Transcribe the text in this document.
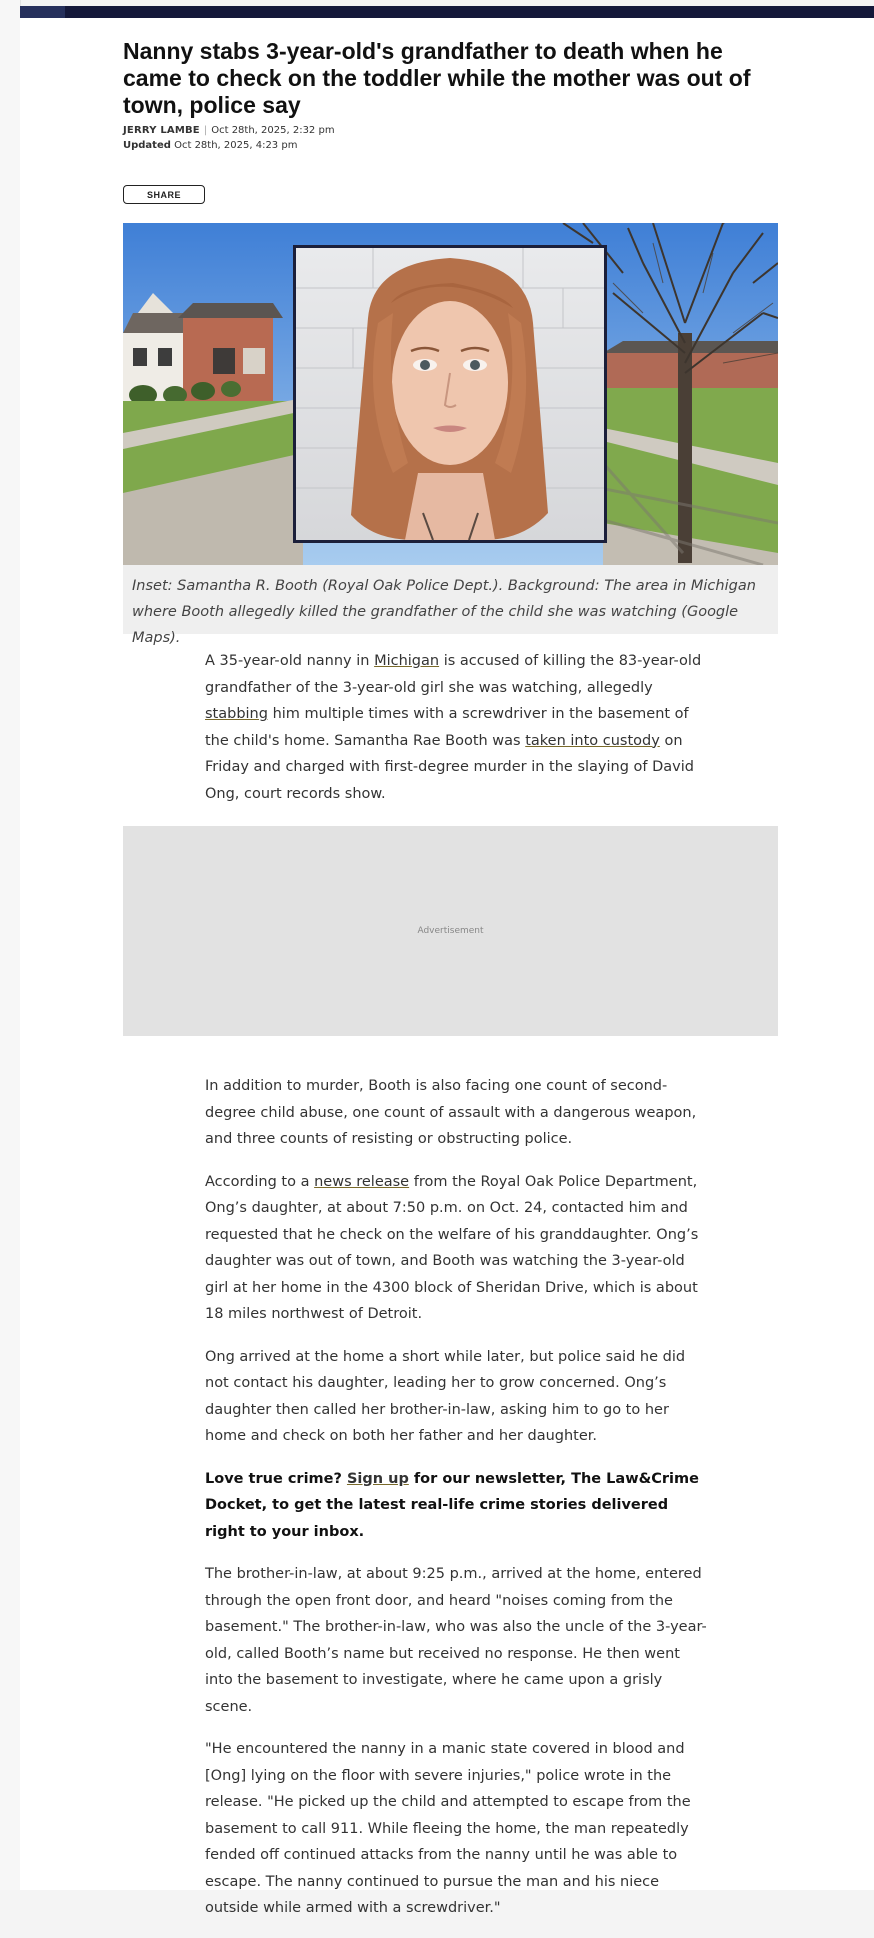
Nanny stabs 3-year-old's grandfather to death when he came to check on the toddler while the mother was out of town, police say
JERRY LAMBE | Oct 28th, 2025, 2:32 pm
Updated Oct 28th, 2025, 4:23 pm
SHARE

Inset: Samantha R. Booth (Royal Oak Police Dept.). Background: The area in Michigan where Booth allegedly killed the grandfather of the child she was watching (Google Maps).

A 35-year-old nanny in Michigan is accused of killing the 83-year-old grandfather of the 3-year-old girl she was watching, allegedly stabbing him multiple times with a screwdriver in the basement of the child's home. Samantha Rae Booth was taken into custody on Friday and charged with first-degree murder in the slaying of David Ong, court records show.

Advertisement

In addition to murder, Booth is also facing one count of second-degree child abuse, one count of assault with a dangerous weapon, and three counts of resisting or obstructing police.

According to a news release from the Royal Oak Police Department, Ong’s daughter, at about 7:50 p.m. on Oct. 24, contacted him and requested that he check on the welfare of his granddaughter. Ong’s daughter was out of town, and Booth was watching the 3-year-old girl at her home in the 4300 block of Sheridan Drive, which is about 18 miles northwest of Detroit.

Ong arrived at the home a short while later, but police said he did not contact his daughter, leading her to grow concerned. Ong’s daughter then called her brother-in-law, asking him to go to her home and check on both her father and her daughter.

Love true crime? Sign up for our newsletter, The Law&Crime Docket, to get the latest real-life crime stories delivered right to your inbox.

The brother-in-law, at about 9:25 p.m., arrived at the home, entered through the open front door, and heard "noises coming from the basement." The brother-in-law, who was also the uncle of the 3-year-old, called Booth’s name but received no response. He then went into the basement to investigate, where he came upon a grisly scene.

"He encountered the nanny in a manic state covered in blood and [Ong] lying on the floor with severe injuries," police wrote in the release. "He picked up the child and attempted to escape from the basement to call 911. While fleeing the home, the man repeatedly fended off continued attacks from the nanny until he was able to escape. The nanny continued to pursue the man and his niece outside while armed with a screwdriver."
